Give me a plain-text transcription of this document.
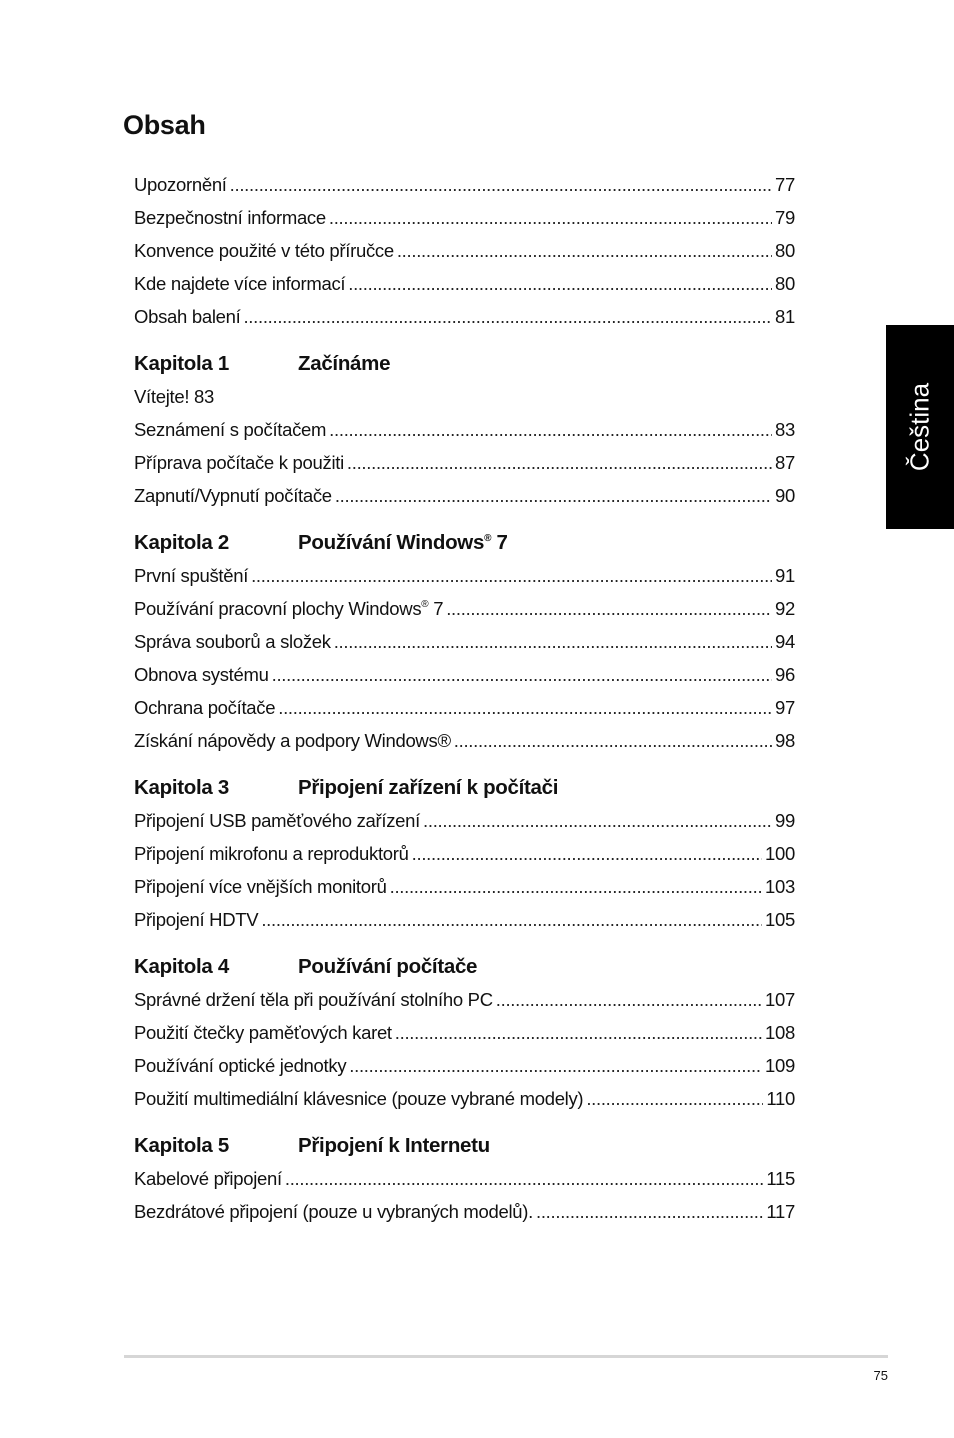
Obsah
Upozornění .....	77
Bezpečnostní informace .....	79
Konvence použité v této příručce .....	80
Kde najdete více informací .....	80
Obsah balení .....	81
Kapitola 1	Začínáme
Vítejte! 83
Seznámení s počítačem .....	83
Příprava počítače k použiti .....	87
Zapnutí/Vypnutí počítače .....	90
Kapitola 2	Používání Windows® 7
První spuštění .....	91
Používání pracovní plochy Windows® 7 .....	92
Správa souborů a složek .....	94
Obnova systému .....	96
Ochrana počítače .....	97
Získání nápovědy a podpory Windows® .....	98
Kapitola 3	Připojení zařízení k počítači
Připojení USB paměťového zařízení .....	99
Připojení mikrofonu a reproduktorů .....	100
Připojení více vnějších monitorů .....	103
Připojení HDTV .....	105
Kapitola 4	Používání počítače
Správné držení těla při používání stolního PC .....	107
Použití čtečky paměťových karet .....	108
Používání optické jednotky .....	109
Použití multimediální klávesnice (pouze vybrané modely) .....	110
Kapitola 5	Připojení k Internetu
Kabelové připojení .....	115
Bezdrátové připojení (pouze u vybraných modelů). .....	117
Čeština
75
